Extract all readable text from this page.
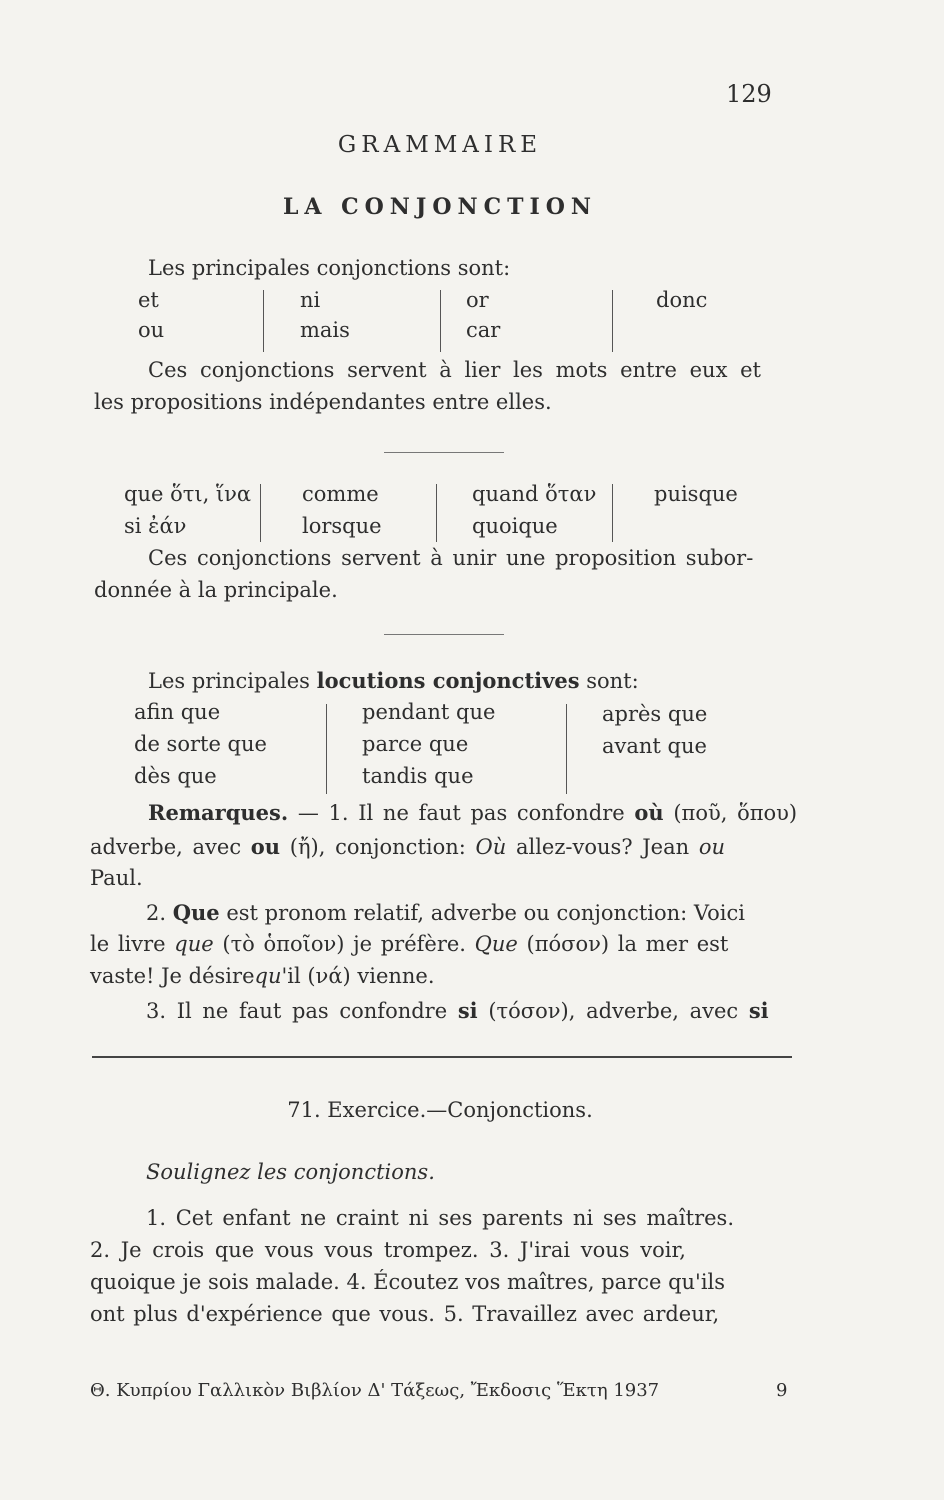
129
GRAMMAIRE
LA CONJONCTION
Les principales conjonctions sont:
et
ou
ni
mais
or
car
donc
Ces conjonctions servent à lier les mots entre eux et
les propositions indépendantes entre elles.
que ὅτι, ἵνα
si ἐάν
comme
lorsque
quand ὅταν
quoique
puisque
Ces conjonctions servent à unir une proposition subor-
donnée à la principale.
Les principales locutions conjonctives sont:
afin que
de sorte que
dès que
pendant que
parce que
tandis que
après que
avant que
Remarques. — 1. Il ne faut pas confondre où (ποῦ, ὅπου)
adverbe, avec ou (ἤ), conjonction: Où allez-vous? Jean ou
Paul.
2. Que est pronom relatif, adverbe ou conjonction: Voici
le livre que (τὸ ὁποῖον) je préfère. Que (πόσον) la mer est
vaste! Je désirequ'il (νά) vienne.
3. Il ne faut pas confondre si (τόσον), adverbe, avec si
71. Exercice.—Conjonctions.
Soulignez les conjonctions.
1. Cet enfant ne craint ni ses parents ni ses maîtres.
2. Je crois que vous vous trompez. 3. J'irai vous voir,
quoique je sois malade. 4. Écoutez vos maîtres, parce qu'ils
ont plus d'expérience que vous. 5. Travaillez avec ardeur,
Θ. Κυπρίου Γαλλικὸν Βιβλίον Δ' Τάξεως, Ἔκδοσις Ἕκτη 1937	9
